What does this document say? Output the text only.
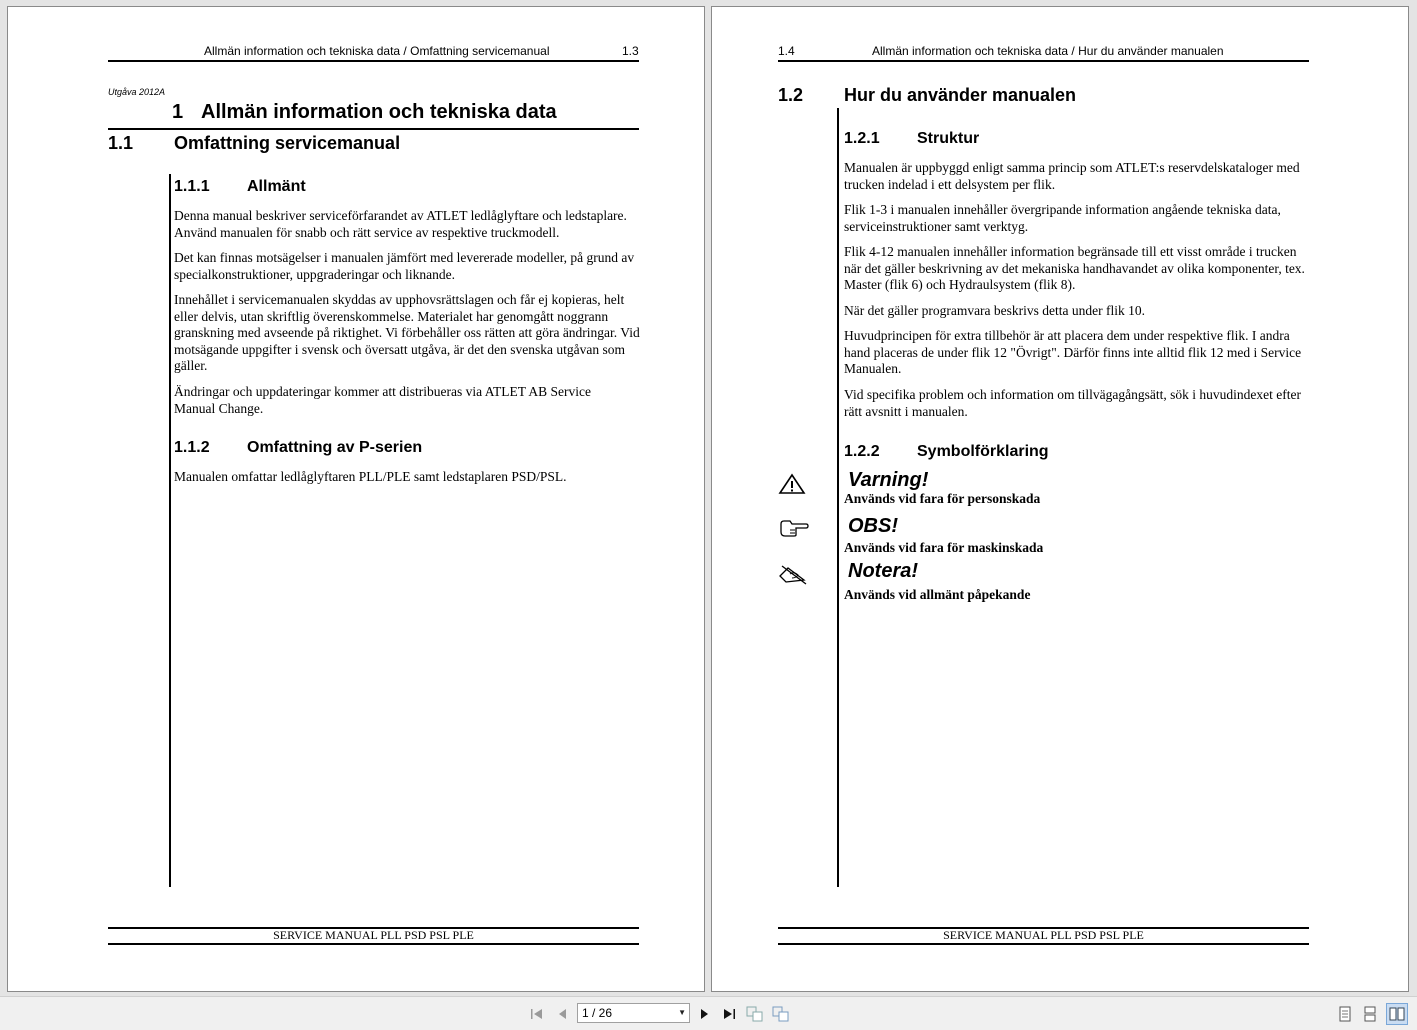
Allmän information och tekniska data / Omfattning servicemanual	1.3
Utgåva 2012A
1 Allmän information och tekniska data
1.1 Omfattning servicemanual
1.1.1 Allmänt

Denna manual beskriver serviceförfarandet av ATLET ledlåglyftare och ledstaplare. Använd manualen för snabb och rätt service av respektive truckmodell.

Det kan finnas motsägelser i manualen jämfört med levererade modeller, på grund av specialkonstruktioner, uppgraderingar och liknande.

Innehållet i servicemanualen skyddas av upphovsrättslagen och får ej kopieras, helt eller delvis, utan skriftlig överenskommelse. Materialet har genomgått noggrann granskning med avseende på riktighet. Vi förbehåller oss rätten att göra ändringar. Vid motsägande uppgifter i svensk och översatt utgåva, är det den svenska utgåvan som gäller.

Ändringar och uppdateringar kommer att distribueras via ATLET AB Service Manual Change.

1.1.2 Omfattning av P-serien

Manualen omfattar ledlåglyftaren PLL/PLE samt ledstaplaren PSD/PSL.

SERVICE MANUAL PLL PSD PSL PLE
1.4	Allmän information och tekniska data / Hur du använder manualen
1.2 Hur du använder manualen
1.2.1 Struktur

Manualen är uppbyggd enligt samma princip som ATLET:s reservdelskataloger med trucken indelad i ett delsystem per flik.

Flik 1-3 i manualen innehåller övergripande information angående tekniska data, serviceinstruktioner samt verktyg.

Flik 4-12 manualen innehåller information begränsade till ett visst område i trucken när det gäller beskrivning av det mekaniska handhavandet av olika komponenter, tex. Master (flik 6) och Hydraulsystem (flik 8).

När det gäller programvara beskrivs detta under flik 10.

Huvudprincipen för extra tillbehör är att placera dem under respektive flik. I andra hand placeras de under flik 12 "Övrigt". Därför finns inte alltid flik 12 med i Service Manualen.

Vid specifika problem och information om tillvägagångsätt, sök i huvudindexet efter rätt avsnitt i manualen.

1.2.2 Symbolförklaring
Varning!
Används vid fara för personskada
OBS!
Används vid fara för maskinskada
Notera!
Används vid allmänt påpekande
SERVICE MANUAL PLL PSD PSL PLE
1 / 26	▼
